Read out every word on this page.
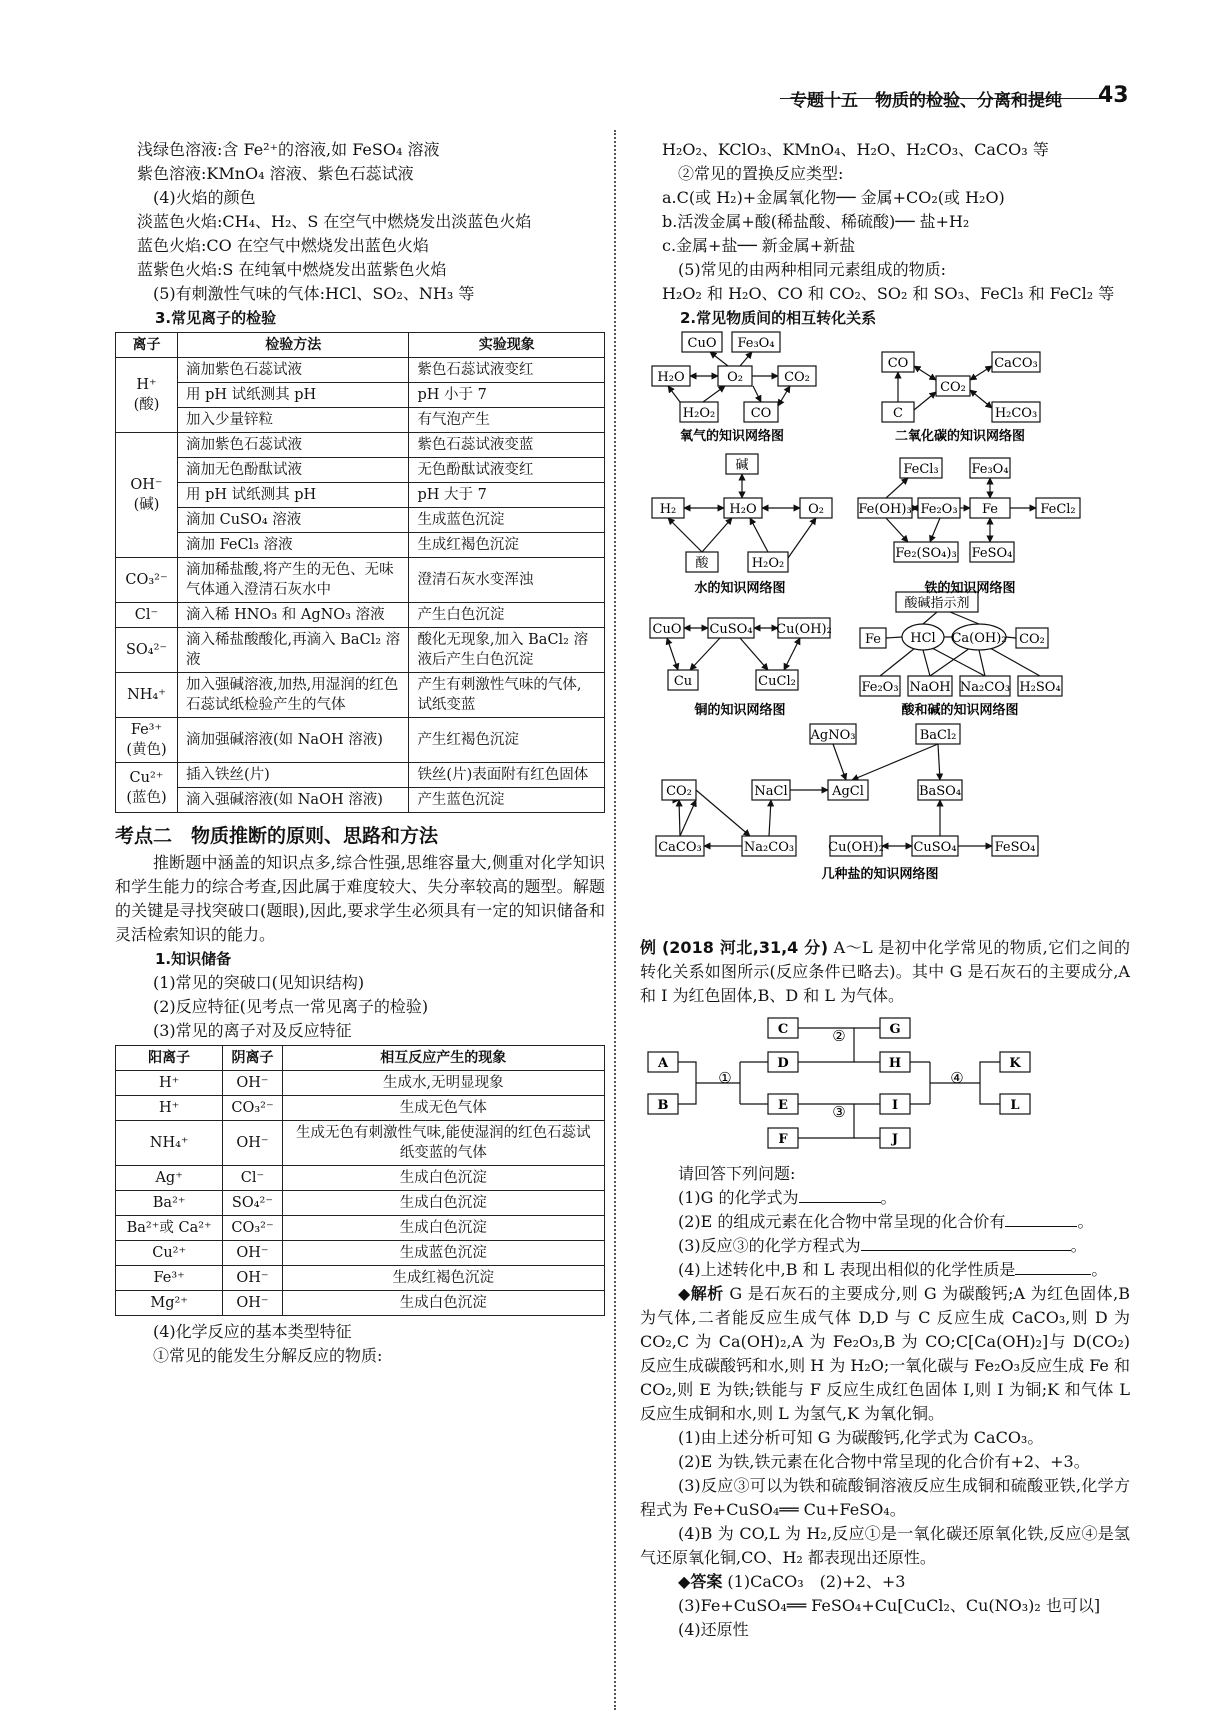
专题十五　物质的检验、分离和提纯 43
浅绿色溶液:含 Fe²⁺的溶液,如 FeSO₄ 溶液
紫色溶液:KMnO₄ 溶液、紫色石蕊试液
(4)火焰的颜色
淡蓝色火焰:CH₄、H₂、S 在空气中燃烧发出淡蓝色火焰
蓝色火焰:CO 在空气中燃烧发出蓝色火焰
蓝紫色火焰:S 在纯氧中燃烧发出蓝紫色火焰
(5)有刺激性气味的气体:HCl、SO₂、NH₃ 等
3.常见离子的检验
离子	检验方法	实验现象

H⁺
(酸)	滴加紫色石蕊试液	紫色石蕊试液变红
	用 pH 试纸测其 pH	pH 小于 7
	加入少量锌粒	有气泡产生

OH⁻
(碱)	滴加紫色石蕊试液	紫色石蕊试液变蓝
	滴加无色酚酞试液	无色酚酞试液变红
	用 pH 试纸测其 pH	pH 大于 7
	滴加 CuSO₄ 溶液	生成蓝色沉淀
	滴加 FeCl₃ 溶液	生成红褐色沉淀

CO₃²⁻	滴加稀盐酸,将产生的无色、无味气体通入澄清石灰水中	澄清石灰水变浑浊

Cl⁻	滴入稀 HNO₃ 和 AgNO₃ 溶液	产生白色沉淀

SO₄²⁻	滴入稀盐酸酸化,再滴入 BaCl₂ 溶液	酸化无现象,加入 BaCl₂ 溶液后产生白色沉淀

NH₄⁺	加入强碱溶液,加热,用湿润的红色石蕊试纸检验产生的气体	产生有刺激性气味的气体,试纸变蓝

Fe³⁺
(黄色)	滴加强碱溶液(如 NaOH 溶液)	产生红褐色沉淀

Cu²⁺
(蓝色)	插入铁丝(片)	铁丝(片)表面附有红色固体
	滴入强碱溶液(如 NaOH 溶液)	产生蓝色沉淀
考点二　物质推断的原则、思路和方法
推断题中涵盖的知识点多,综合性强,思维容量大,侧重对化学知识和学生能力的综合考查,因此属于难度较大、失分率较高的题型。解题的关键是寻找突破口(题眼),因此,要求学生必须具有一定的知识储备和灵活检索知识的能力。
1.知识储备
(1)常见的突破口(见知识结构)
(2)反应特征(见考点一常见离子的检验)
(3)常见的离子对及反应特征
阳离子	阴离子	相互反应产生的现象
H⁺	OH⁻	生成水,无明显现象
H⁺	CO₃²⁻	生成无色气体
NH₄⁺	OH⁻	生成无色有刺激性气味,能使湿润的红色石蕊试纸变蓝的气体
Ag⁺	Cl⁻	生成白色沉淀
Ba²⁺	SO₄²⁻	生成白色沉淀
Ba²⁺或 Ca²⁺	CO₃²⁻	生成白色沉淀
Cu²⁺	OH⁻	生成蓝色沉淀
Fe³⁺	OH⁻	生成红褐色沉淀
Mg²⁺	OH⁻	生成白色沉淀
(4)化学反应的基本类型特征
①常见的能发生分解反应的物质:
H₂O₂、KClO₃、KMnO₄、H₂O、H₂CO₃、CaCO₃ 等
②常见的置换反应类型:
a.C(或 H₂)+金属氧化物── 金属+CO₂(或 H₂O)
b.活泼金属+酸(稀盐酸、稀硫酸)── 盐+H₂
c.金属+盐── 新金属+新盐
(5)常见的由两种相同元素组成的物质:
H₂O₂ 和 H₂O、CO 和 CO₂、SO₂ 和 SO₃、FeCl₃ 和 FeCl₂ 等
2.常见物质间的相互转化关系
CuO Fe₃O₄
H₂O	O₂	CO₂
H₂O₂	CO
CO	CaCO₃
CO₂
C	H₂CO₃
碱
H₂	H₂O	O₂
酸	H₂O₂
FeCl₃	Fe₃O₄
Fe(OH)₃ Fe₂O₃ Fe	FeCl₂
Fe₂(SO₄)₃ FeSO₄
CuO CuSO₄ Cu(OH)₂
Cu	CuCl₂
酸碱指示剂
Fe HCl Ca(OH)₂ CO₂
Fe₂O₃ NaOH Na₂CO₃ H₂SO₄
AgNO₃	BaCl₂
CO₂	NaCl	AgCl	BaSO₄
CaCO₃	Na₂CO₃	Cu(OH)₂ CuSO₄	FeSO₄
氧气的知识网络图	二氧化碳的知识网络图
水的知识网络图	铁的知识网络图
铜的知识网络图	酸和碱的知识网络图
几种盐的知识网络图
例 (2018 河北,31,4 分) A～L 是初中化学常见的物质,它们之间的转化关系如图所示(反应条件已略去)。其中 G 是石灰石的主要成分,A 和 I 为红色固体,B、D 和 L 为气体。
A
B
C
D
E
F
G
H
I
J
K
L
①
②
③
④
请回答下列问题:
(1)G 的化学式为	。
(2)E 的组成元素在化合物中常呈现的化合价有	。
(3)反应③的化学方程式为	。
(4)上述转化中,B 和 L 表现出相似的化学性质是	。
◆解析 G 是石灰石的主要成分,则 G 为碳酸钙;A 为红色固体,B 为气体,二者能反应生成气体 D,D 与 C 反应生成 CaCO₃,则 D 为 CO₂,C 为 Ca(OH)₂,A 为 Fe₂O₃,B 为 CO;C[Ca(OH)₂]与 D(CO₂)反应生成碳酸钙和水,则 H 为 H₂O;一氧化碳与 Fe₂O₃反应生成 Fe 和 CO₂,则 E 为铁;铁能与 F 反应生成红色固体 I,则 I 为铜;K 和气体 L 反应生成铜和水,则 L 为氢气,K 为氧化铜。
(1)由上述分析可知 G 为碳酸钙,化学式为 CaCO₃。
(2)E 为铁,铁元素在化合物中常呈现的化合价有+2、+3。
(3)反应③可以为铁和硫酸铜溶液反应生成铜和硫酸亚铁,化学方程式为 Fe+CuSO₄══ Cu+FeSO₄。
(4)B 为 CO,L 为 H₂,反应①是一氧化碳还原氧化铁,反应④是氢气还原氧化铜,CO、H₂ 都表现出还原性。
◆答案 (1)CaCO₃　(2)+2、+3
(3)Fe+CuSO₄══ FeSO₄+Cu[CuCl₂、Cu(NO₃)₂ 也可以]
(4)还原性
